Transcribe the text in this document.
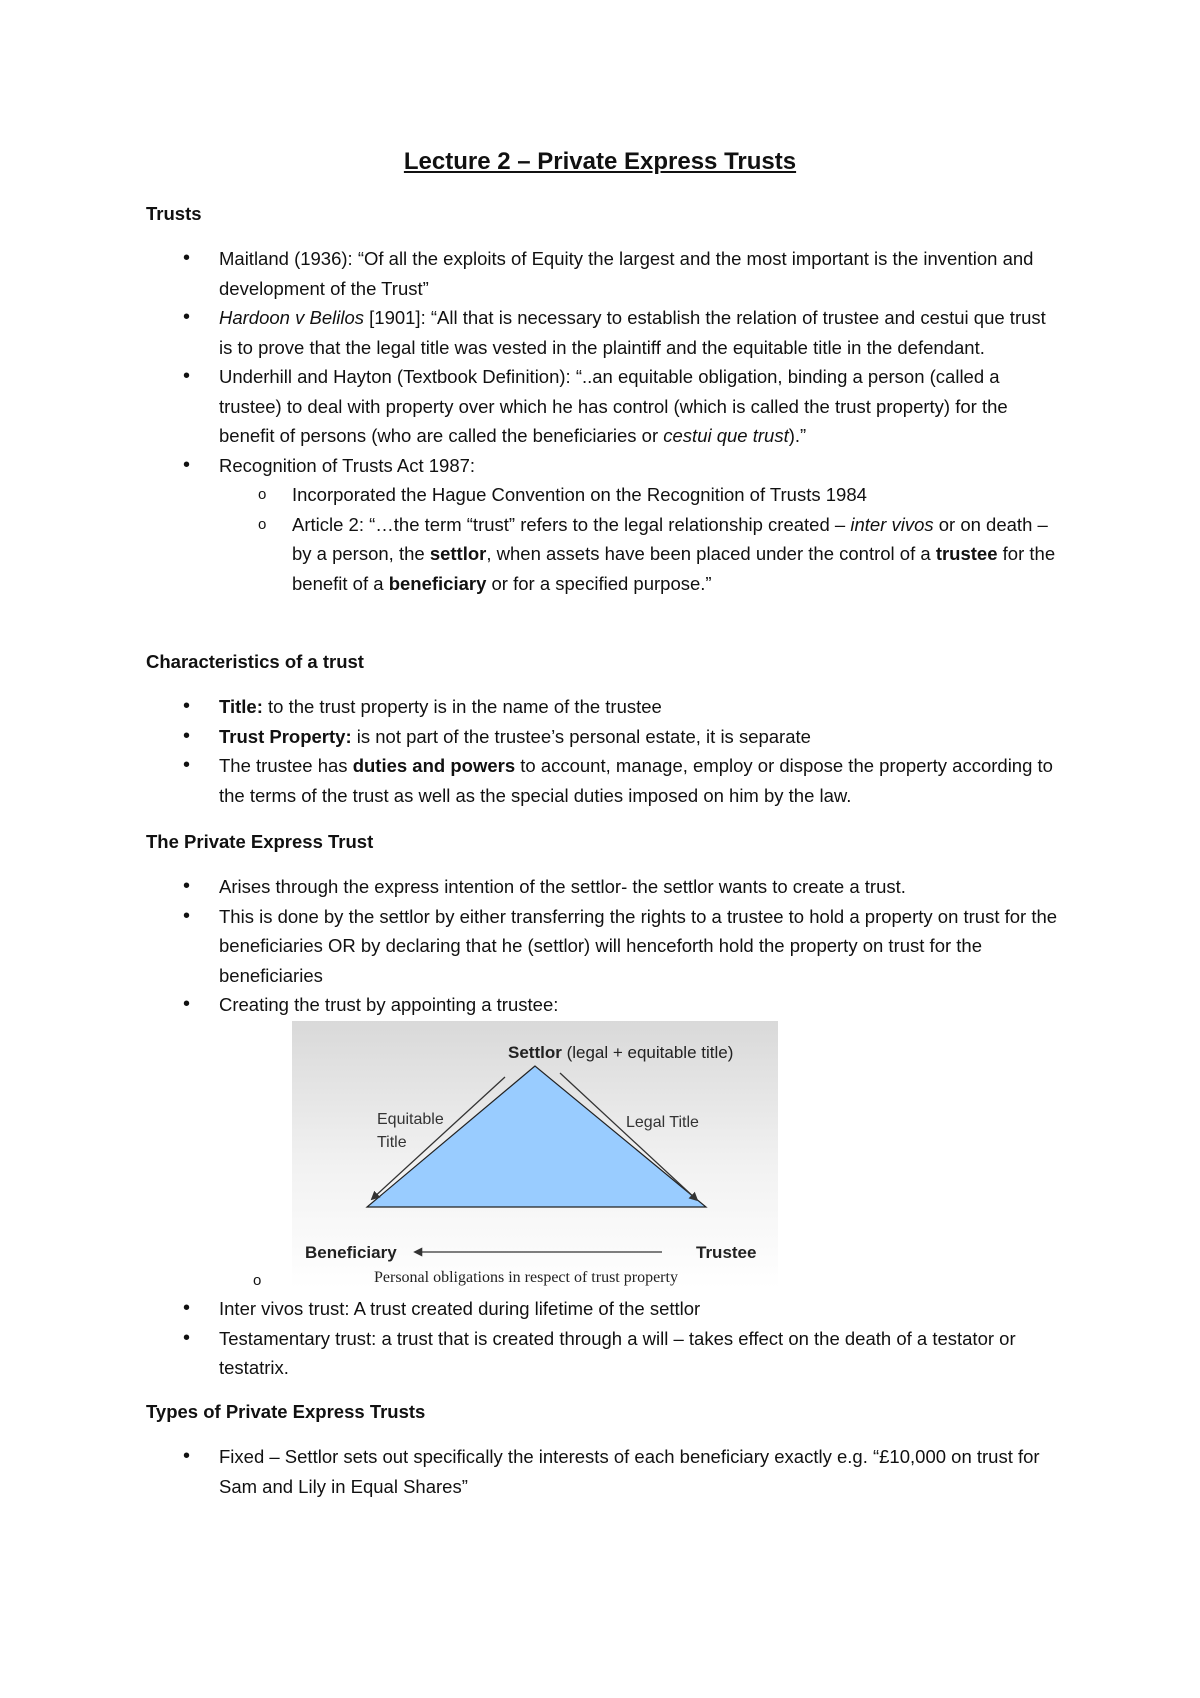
Lecture 2 – Private Express Trusts

Trusts

• Maitland (1936): “Of all the exploits of Equity the largest and the most important is the invention and development of the Trust”
• Hardoon v Belilos [1901]: “All that is necessary to establish the relation of trustee and cestui que trust is to prove that the legal title was vested in the plaintiff and the equitable title in the defendant.
• Underhill and Hayton (Textbook Definition): “..an equitable obligation, binding a person (called a trustee) to deal with property over which he has control (which is called the trust property) for the benefit of persons (who are called the beneficiaries or cestui que trust).”
• Recognition of Trusts Act 1987:
o Incorporated the Hague Convention on the Recognition of Trusts 1984
o Article 2: “…the term “trust” refers to the legal relationship created – inter vivos or on death – by a person, the settlor, when assets have been placed under the control of a trustee for the benefit of a beneficiary or for a specified purpose.”

Characteristics of a trust

• Title: to the trust property is in the name of the trustee
• Trust Property: is not part of the trustee’s personal estate, it is separate
• The trustee has duties and powers to account, manage, employ or dispose the property according to the terms of the trust as well as the special duties imposed on him by the law.

The Private Express Trust

• Arises through the express intention of the settlor- the settlor wants to create a trust.
• This is done by the settlor by either transferring the rights to a trustee to hold a property on trust for the beneficiaries OR by declaring that he (settlor) will henceforth hold the property on trust for the beneficiaries
• Creating the trust by appointing a trustee:
o
Settlor (legal + equitable title)
Equitable
Title
Legal Title
Beneficiary	Trustee
Personal obligations in respect of trust property
• Inter vivos trust: A trust created during lifetime of the settlor
• Testamentary trust: a trust that is created through a will – takes effect on the death of a testator or testatrix.

Types of Private Express Trusts

• Fixed – Settlor sets out specifically the interests of each beneficiary exactly e.g. “£10,000 on trust for Sam and Lily in Equal Shares”
